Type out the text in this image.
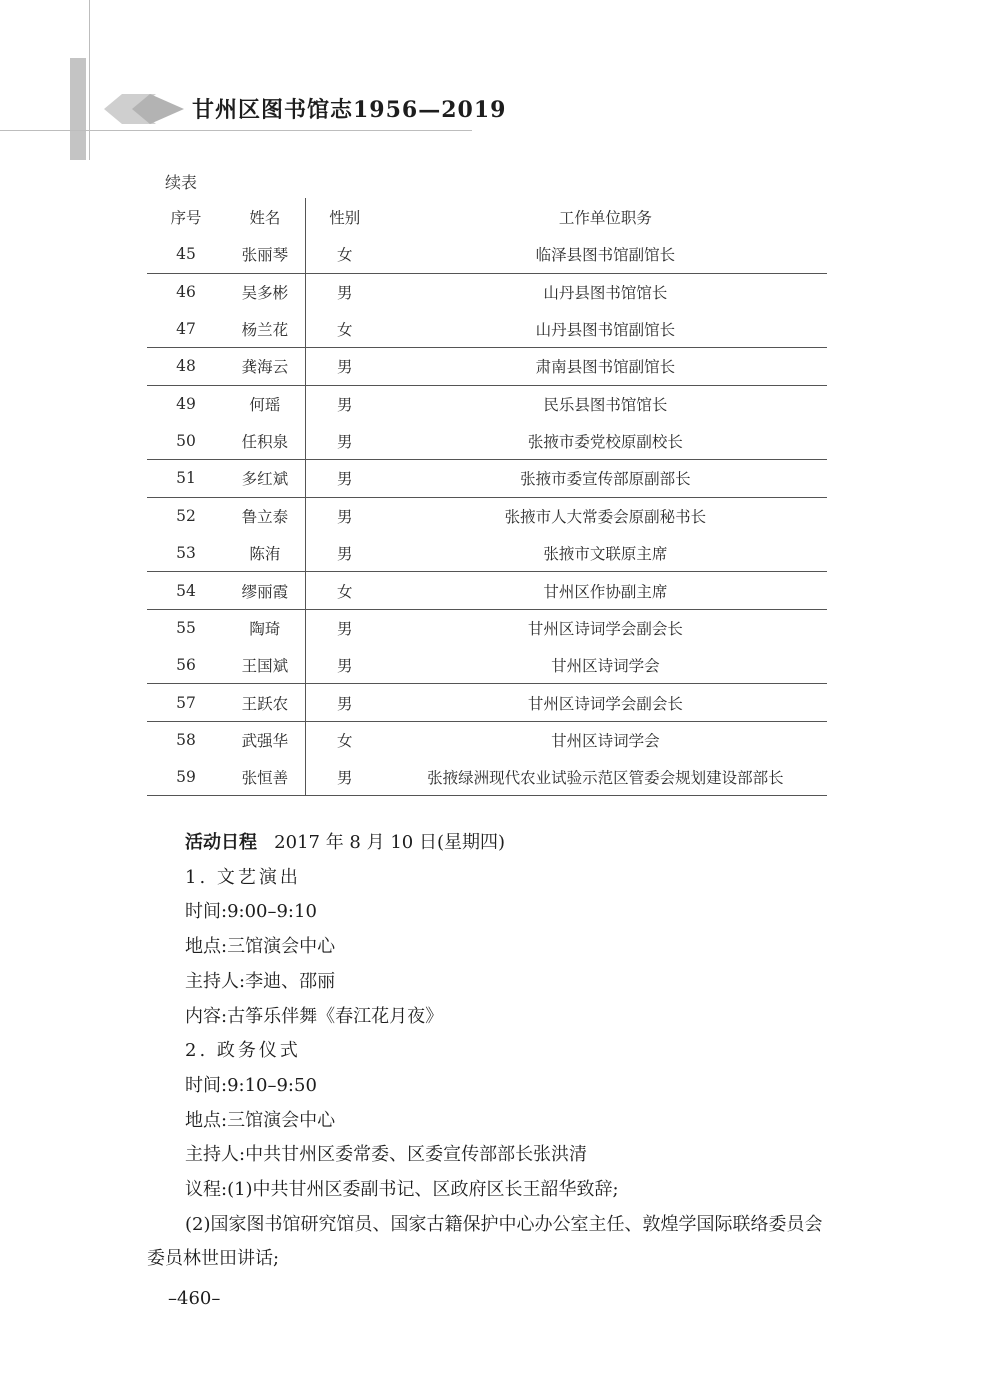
甘州区图书馆志1956—2019
续表
序号	姓名	性别	工作单位职务
45	张丽琴	女	临泽县图书馆副馆长
46	吴多彬	男	山丹县图书馆馆长
47	杨兰花	女	山丹县图书馆副馆长
48	龚海云	男	肃南县图书馆副馆长
49	何瑶	男	民乐县图书馆馆长
50	任积泉	男	张掖市委党校原副校长
51	多红斌	男	张掖市委宣传部原副部长
52	鲁立泰	男	张掖市人大常委会原副秘书长
53	陈洧	男	张掖市文联原主席
54	缪丽霞	女	甘州区作协副主席
55	陶琦	男	甘州区诗词学会副会长
56	王国斌	男	甘州区诗词学会
57	王跃农	男	甘州区诗词学会副会长
58	武强华	女	甘州区诗词学会
59	张恒善	男	张掖绿洲现代农业试验示范区管委会规划建设部部长

活动日程 2017 年 8 月 10 日(星期四)

1. 文艺演出

时间:9:00–9:10

地点:三馆演会中心

主持人:李迪、邵丽

内容:古筝乐伴舞《春江花月夜》

2. 政务仪式

时间:9:10–9:50

地点:三馆演会中心

主持人:中共甘州区委常委、区委宣传部部长张洪清

议程:(1)中共甘州区委副书记、区政府区长王韶华致辞;

(2)国家图书馆研究馆员、国家古籍保护中心办公室主任、敦煌学国际联络委员会委员林世田讲话;

–460–
